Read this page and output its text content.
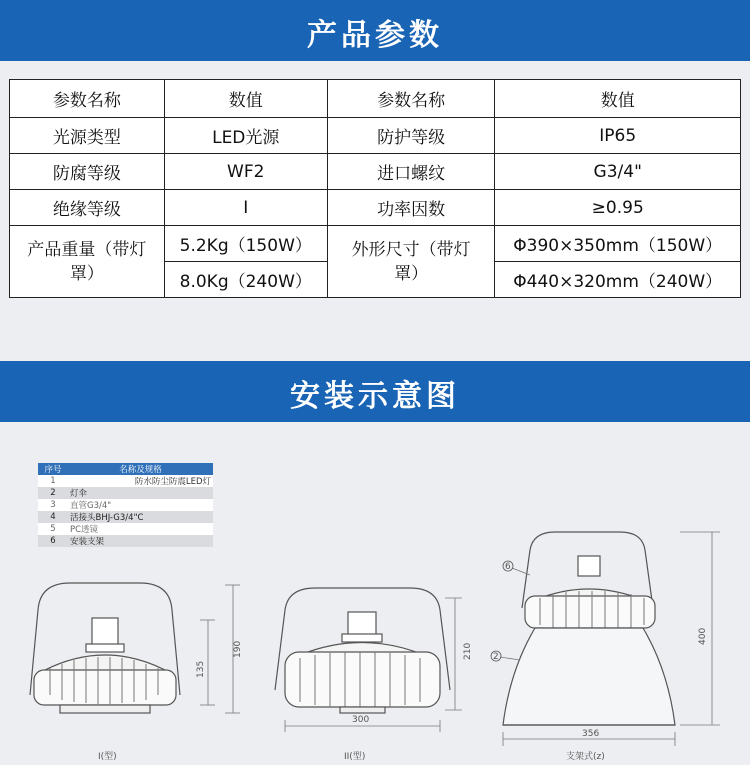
产品参数
参数名称	数值	参数名称	数值
光源类型	LED光源	防护等级	IP65
防腐等级	WF2	进口螺纹	G3/4"
绝缘等级	I	功率因数	≥0.95
产品重量（带灯罩）	5.2Kg（150W）	外形尺寸（带灯罩）	Φ390×350mm（150W）
	8.0Kg（240W）		Φ440×320mm（240W）
安装示意图
序号	名称及规格
1	防水防尘防震LED灯
2	灯伞
3	直管G3/4"
4	活接头BHJ-G3/4"C
5	PC透镜
6	安装支架
135
190
300
210
356
400
6
2
I(型)	II(型)	支架式(z)
